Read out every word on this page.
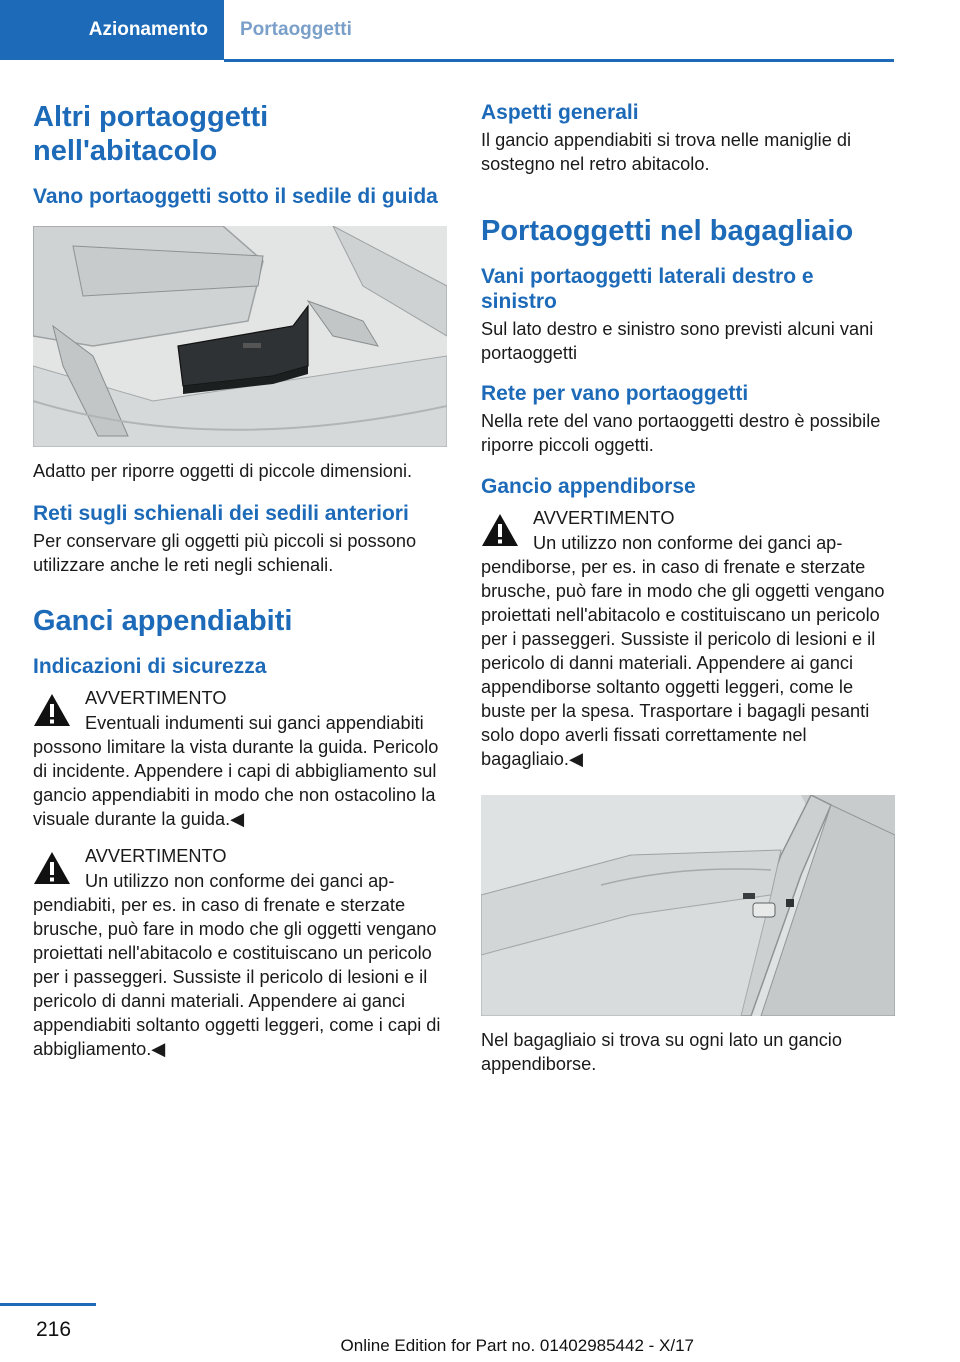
Azionamento	Portaoggetti
Altri portaoggetti nell'abitacolo
Vano portaoggetti sotto il sedile di guida

Adatto per riporre oggetti di piccole dimensioni.

Reti sugli schienali dei sedili anteriori

Per conservare gli oggetti più piccoli si possono utilizzare anche le reti negli schienali.

Ganci appendiabiti
Indicazioni di sicurezza

AVVERTIMENTO

Eventuali indumenti sui ganci appendiabiti possono limitare la vista durante la guida. Pericolo di incidente. Appendere i capi di abbigliamento sul gancio appendiabiti in modo che non ostacolino la visuale durante la guida.◀

AVVERTIMENTO

Un utilizzo non conforme dei ganci appendiabiti, per es. in caso di frenate e sterzate brusche, può fare in modo che gli oggetti vengano proiettati nell'abitacolo e costituiscano un pericolo per i passeggeri. Sussiste il pericolo di lesioni e il pericolo di danni materiali. Appendere ai ganci appendiabiti soltanto oggetti leggeri, come i capi di abbigliamento.◀

Aspetti generali

Il gancio appendiabiti si trova nelle maniglie di sostegno nel retro abitacolo.

Portaoggetti nel bagagliaio
Vani portaoggetti laterali destro e sinistro

Sul lato destro e sinistro sono previsti alcuni vani portaoggetti

Rete per vano portaoggetti

Nella rete del vano portaoggetti destro è possibile riporre piccoli oggetti.

Gancio appendiborse

AVVERTIMENTO

Un utilizzo non conforme dei ganci appendiborse, per es. in caso di frenate e sterzate brusche, può fare in modo che gli oggetti vengano proiettati nell'abitacolo e costituiscano un pericolo per i passeggeri. Sussiste il pericolo di lesioni e il pericolo di danni materiali. Appendere ai ganci appendiborse soltanto oggetti leggeri, come le buste per la spesa. Trasportare i bagagli pesanti solo dopo averli fissati correttamente nel bagagliaio.◀

Nel bagagliaio si trova su ogni lato un gancio appendiborse.

216
Online Edition for Part no. 01402985442 - X/17
